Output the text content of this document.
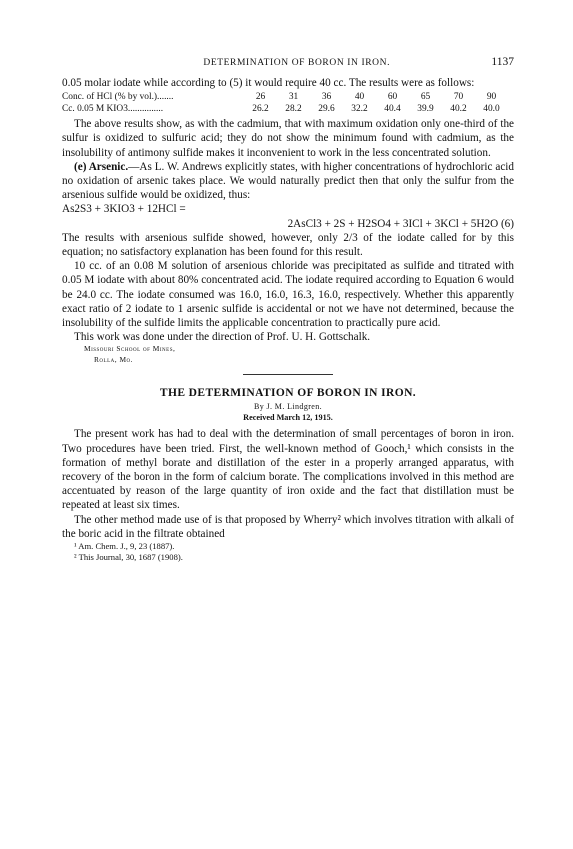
DETERMINATION OF BORON IN IRON.	1137

0.05 molar iodate while according to (5) it would require 40 cc. The results were as follows:

Conc. of HCl (% by vol.).......	26	31	36	40	60	65	70	90
Cc. 0.05 M KIO3...............	26.2	28.2	29.6	32.2	40.4	39.9	40.2	40.0

The above results show, as with the cadmium, that with maximum oxidation only one-third of the sulfur is oxidized to sulfuric acid; they do not show the minimum found with cadmium, as the insolubility of antimony sulfide makes it inconvenient to work in the less concentrated solution.

(e) Arsenic.—As L. W. Andrews explicitly states, with higher concentrations of hydrochloric acid no oxidation of arsenic takes place. We would naturally predict then that only the sulfur from the arsenious sulfide would be oxidized, thus:

As2S3 + 3KIO3 + 12HCl =
2AsCl3 + 2S + H2SO4 + 3ICl + 3KCl + 5H2O (6)

The results with arsenious sulfide showed, however, only 2/3 of the iodate called for by this equation; no satisfactory explanation has been found for this result.

10 cc. of an 0.08 M solution of arsenious chloride was precipitated as sulfide and titrated with 0.05 M iodate with about 80% concentrated acid. The iodate required according to Equation 6 would be 24.0 cc. The iodate consumed was 16.0, 16.0, 16.3, 16.0, respectively. Whether this apparently exact ratio of 2 iodate to 1 arsenic sulfide is accidental or not we have not determined, because the insolubility of the sulfide limits the applicable concentration to practically pure acid.

This work was done under the direction of Prof. U. H. Gottschalk.

Missouri School of Mines,
Rolla, Mo.
THE DETERMINATION OF BORON IN IRON.
By J. M. Lindgren.
Received March 12, 1915.

The present work has had to deal with the determination of small percentages of boron in iron. Two procedures have been tried. First, the well-known method of Gooch,¹ which consists in the formation of methyl borate and distillation of the ester in a properly arranged apparatus, with recovery of the boron in the form of calcium borate. The complications involved in this method are accentuated by reason of the large quantity of iron oxide and the fact that distillation must be repeated at least six times.

The other method made use of is that proposed by Wherry² which involves titration with alkali of the boric acid in the filtrate obtained

¹ Am. Chem. J., 9, 23 (1887).
² This Journal, 30, 1687 (1908).
